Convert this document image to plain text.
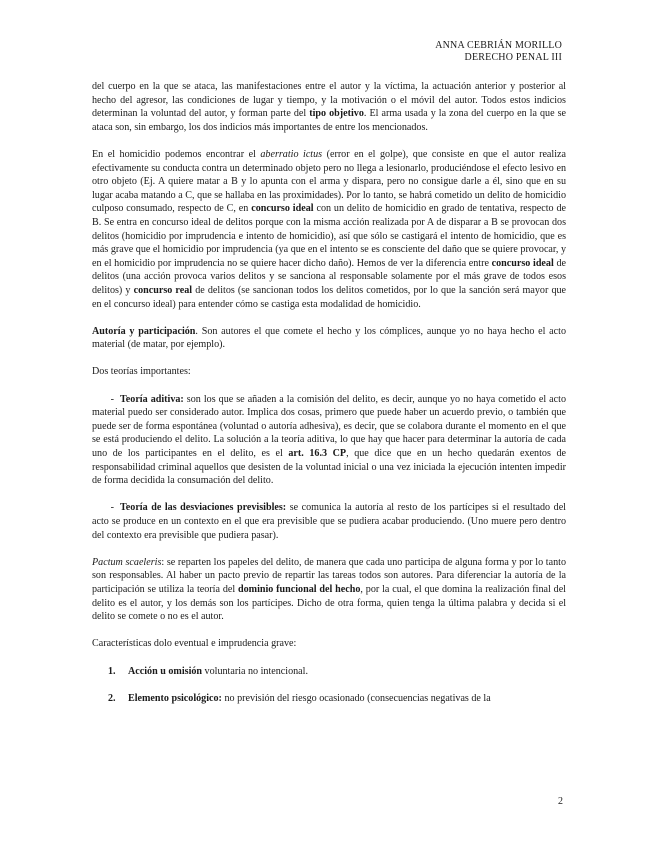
ANNA CEBRIÁN MORILLO
DERECHO PENAL III

del cuerpo en la que se ataca, las manifestaciones entre el autor y la víctima, la actuación anterior y posterior al hecho del agresor, las condiciones de lugar y tiempo, y la motivación o el móvil del autor. Todos estos indicios determinan la voluntad del autor, y forman parte del tipo objetivo. El arma usada y la zona del cuerpo en la que se ataca son, sin embargo, los dos indicios más importantes de entre los mencionados.

En el homicidio podemos encontrar el aberratio ictus (error en el golpe), que consiste en que el autor realiza efectivamente su conducta contra un determinado objeto pero no llega a lesionarlo, produciéndose el efecto lesivo en otro objeto (Ej. A quiere matar a B y lo apunta con el arma y dispara, pero no consigue darle a él, sino que en su lugar acaba matando a C, que se hallaba en las proximidades). Por lo tanto, se habrá cometido un delito de homicidio culposo consumado, respecto de C, en concurso ideal con un delito de homicidio en grado de tentativa, respecto de B. Se entra en concurso ideal de delitos porque con la misma acción realizada por A de disparar a B se provocan dos delitos (homicidio por imprudencia e intento de homicidio), así que sólo se castigará el intento de homicidio, que es más grave que el homicidio por imprudencia (ya que en el intento se es consciente del daño que se quiere provocar, y en el homicidio por imprudencia no se quiere hacer dicho daño). Hemos de ver la diferencia entre concurso ideal de delitos (una acción provoca varios delitos y se sanciona al responsable solamente por el más grave de todos esos delitos) y concurso real de delitos (se sancionan todos los delitos cometidos, por lo que la sanción será mayor que en el concurso ideal) para entender cómo se castiga esta modalidad de homicidio.

Autoría y participación. Son autores el que comete el hecho y los cómplices, aunque yo no haya hecho el acto material (de matar, por ejemplo).

Dos teorías importantes:

- Teoría aditiva: son los que se añaden a la comisión del delito, es decir, aunque yo no haya cometido el acto material puedo ser considerado autor. Implica dos cosas, primero que puede haber un acuerdo previo, o también que puede ser de forma espontánea (voluntad o autoría adhesiva), es decir, que se colabora durante el momento en el que se está produciendo el delito. La solución a la teoría aditiva, lo que hay que hacer para determinar la autoría de cada uno de los participantes en el delito, es el art. 16.3 CP, que dice que en un hecho quedarán exentos de responsabilidad criminal aquellos que desisten de la voluntad inicial o una vez iniciada la ejecución intenten impedir de forma decidida la consumación del delito.

- Teoría de las desviaciones previsibles: se comunica la autoría al resto de los partícipes si el resultado del acto se produce en un contexto en el que era previsible que se pudiera acabar produciendo. (Uno muere pero dentro del contexto era previsible que pudiera pasar).

Pactum scaeleris: se reparten los papeles del delito, de manera que cada uno participa de alguna forma y por lo tanto son responsables. Al haber un pacto previo de repartir las tareas todos son autores. Para diferenciar la autoría de la participación se utiliza la teoría del dominio funcional del hecho, por la cual, el que domina la realización final del delito es el autor, y los demás son los partícipes. Dicho de otra forma, quien tenga la última palabra y decida si el delito se comete o no es el autor.

Características dolo eventual e imprudencia grave:

1. Acción u omisión voluntaria no intencional.

2. Elemento psicológico: no previsión del riesgo ocasionado (consecuencias negativas de la

2
